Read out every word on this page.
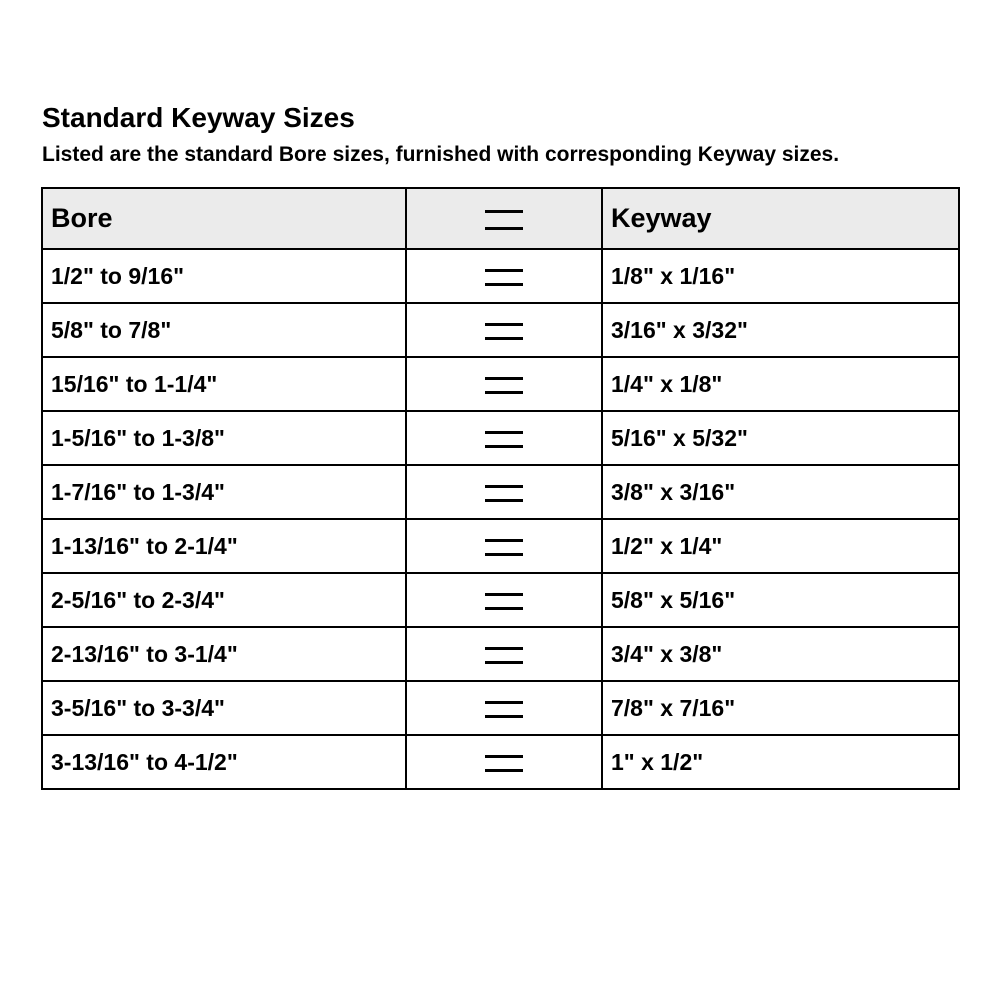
Standard Keyway Sizes
Listed are the standard Bore sizes, furnished with corresponding Keyway sizes.
Bore		Keyway
1/2" to 9/16"		1/8" x 1/16"
5/8" to 7/8"		3/16" x 3/32"
15/16" to 1-1/4"		1/4" x 1/8"
1-5/16" to 1-3/8"		5/16" x 5/32"
1-7/16" to 1-3/4"		3/8" x 3/16"
1-13/16" to 2-1/4"		1/2" x 1/4"
2-5/16" to 2-3/4"		5/8" x 5/16"
2-13/16" to 3-1/4"		3/4" x 3/8"
3-5/16" to 3-3/4"		7/8" x 7/16"
3-13/16" to 4-1/2"		1" x 1/2"
